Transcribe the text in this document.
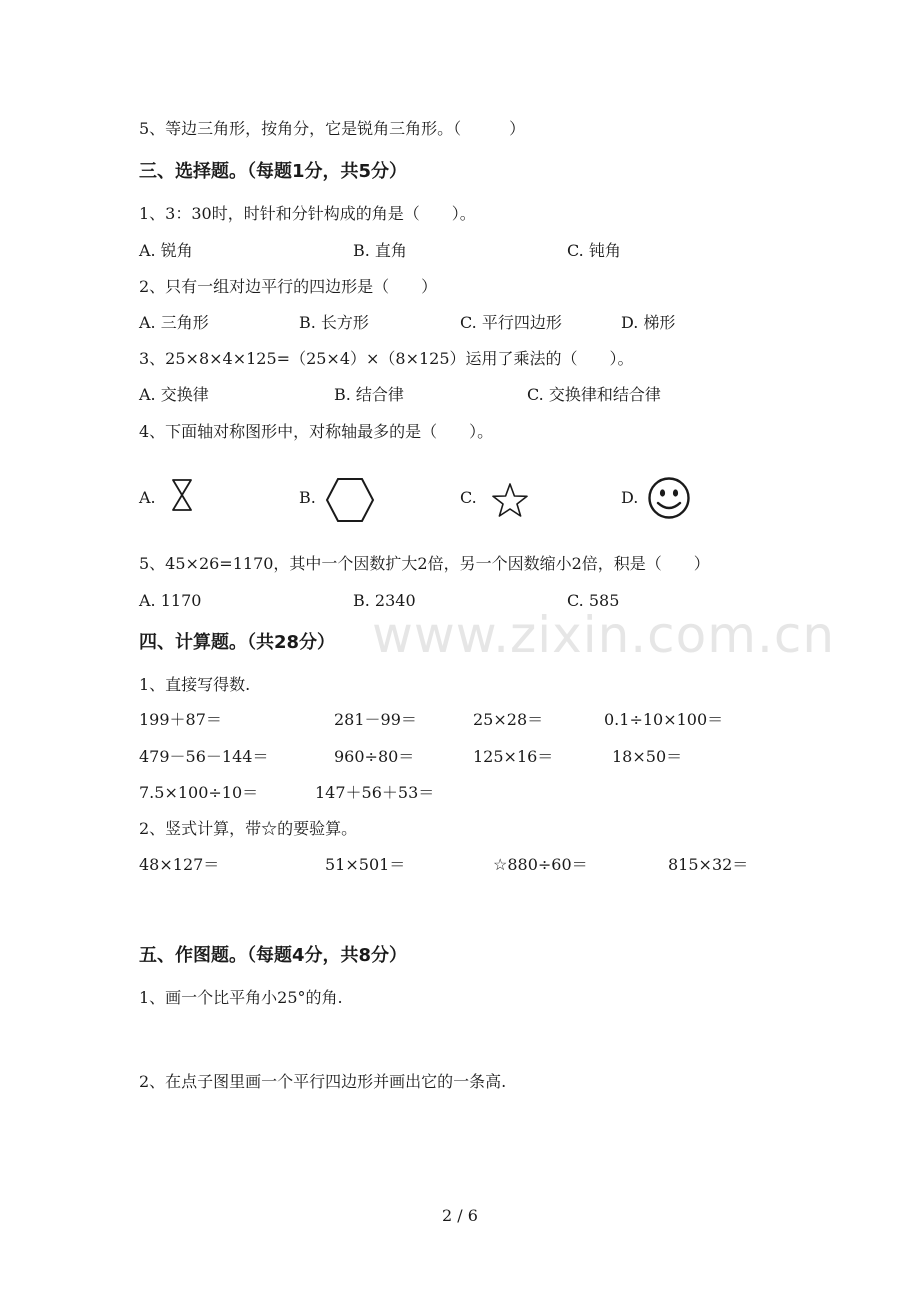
www.zixin.com.cn
5、等边三角形，按角分，它是锐角三角形。（　　　）
三、选择题。（每题1分，共5分）
1、3：30时，时针和分针构成的角是（　　）。
A. 锐角	B. 直角	C. 钝角
2、只有一组对边平行的四边形是（　　）
A. 三角形	B. 长方形	C. 平行四边形	D. 梯形
3、25×8×4×125=（25×4）×（8×125）运用了乘法的（　　）。
A. 交换律	B. 结合律	C. 交换律和结合律
4、下面轴对称图形中，对称轴最多的是（　　）。
A.	B.	C.	D.
5、45×26=1170，其中一个因数扩大2倍，另一个因数缩小2倍，积是（　　）
A. 1170	B. 2340	C. 585
四、计算题。（共28分）
1、直接写得数.
199＋87＝	281－99＝	25×28＝	0.1÷10×100＝
479－56－144＝	960÷80＝	125×16＝	18×50＝
7.5×100÷10＝	147＋56＋53＝
2、竖式计算，带☆的要验算。
48×127＝	51×501＝	☆880÷60＝	815×32＝
五、作图题。（每题4分，共8分）
1、画一个比平角小25°的角.
2、在点子图里画一个平行四边形并画出它的一条高.
2 / 6
